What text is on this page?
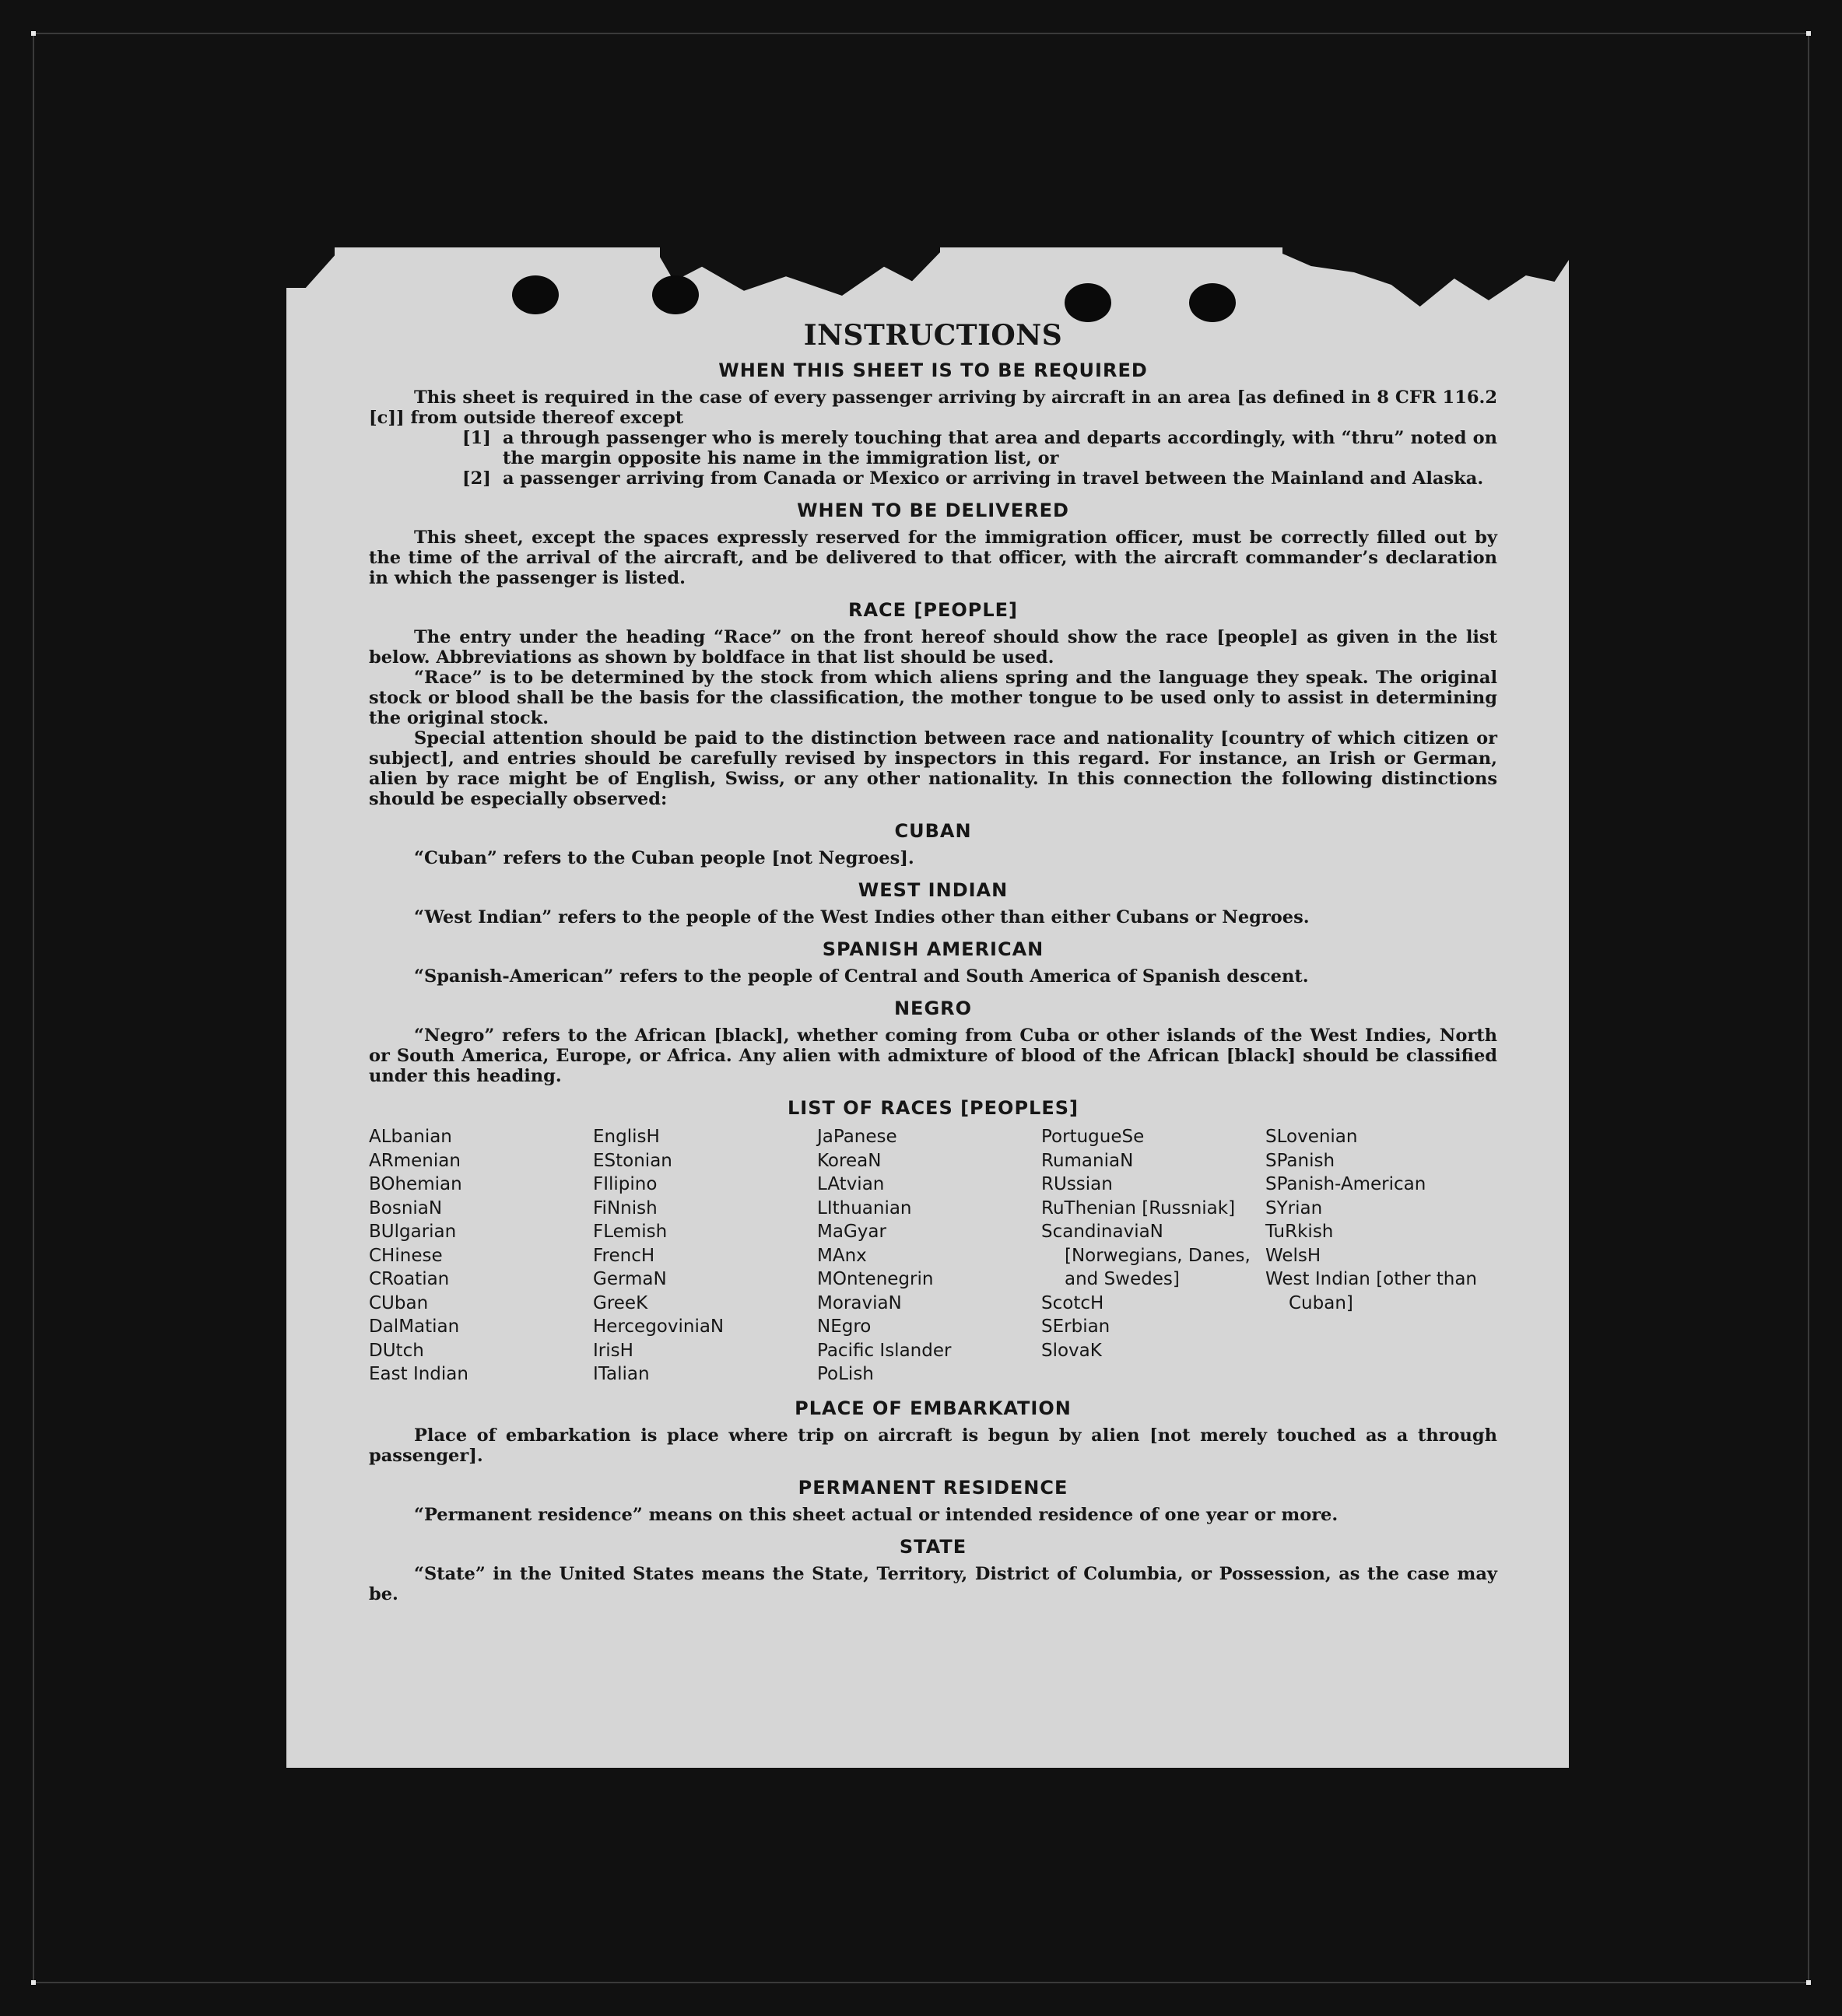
INSTRUCTIONS
WHEN THIS SHEET IS TO BE REQUIRED

This sheet is required in the case of every passenger arriving by aircraft in an area [as defined in 8 CFR 116.2 [c]] from outside thereof except

[1] a through passenger who is merely touching that area and departs accordingly, with “thru” noted on the margin opposite his name in the immigration list, or
[2] a passenger arriving from Canada or Mexico or arriving in travel between the Mainland and Alaska.
WHEN TO BE DELIVERED

This sheet, except the spaces expressly reserved for the immigration officer, must be correctly filled out by the time of the arrival of the aircraft, and be delivered to that officer, with the aircraft commander’s declaration in which the passenger is listed.

RACE [PEOPLE]

The entry under the heading “Race” on the front hereof should show the race [people] as given in the list below. Abbreviations as shown by boldface in that list should be used.

“Race” is to be determined by the stock from which aliens spring and the language they speak. The original stock or blood shall be the basis for the classification, the mother tongue to be used only to assist in determining the original stock.

Special attention should be paid to the distinction between race and nationality [country of which citizen or subject], and entries should be carefully revised by inspectors in this regard. For instance, an Irish or German, alien by race might be of English, Swiss, or any other nationality. In this connection the following distinctions should be especially observed:

CUBAN

“Cuban” refers to the Cuban people [not Negroes].

WEST INDIAN

“West Indian” refers to the people of the West Indies other than either Cubans or Negroes.

SPANISH AMERICAN

“Spanish-American” refers to the people of Central and South America of Spanish descent.

NEGRO

“Negro” refers to the African [black], whether coming from Cuba or other islands of the West Indies, North or South America, Europe, or Africa. Any alien with admixture of blood of the African [black] should be classified under this heading.

LIST OF RACES [PEOPLES]
ALbanian
ARmenian
BOhemian
BosniaN
BUlgarian
CHinese
CRoatian
CUban
DalMatian
DUtch
East Indian
EnglisH
EStonian
FIlipino
FiNnish
FLemish
FrencH
GermaN
GreeK
HercegoviniaN
IrisH
ITalian
JaPanese
KoreaN
LAtvian
LIthuanian
MaGyar
MAnx
MOntenegrin
MoraviaN
NEgro
Pacific Islander
PoLish
PortugueSe
RumaniaN
RUssian
RuThenian [Russniak]
ScandinaviaN [Norwegians, Danes, and Swedes]
ScotcH
SErbian
SlovaK
SLovenian
SPanish
SPanish-American
SYrian
TuRkish
WelsH
West Indian [other than Cuban]
PLACE OF EMBARKATION

Place of embarkation is place where trip on aircraft is begun by alien [not merely touched as a through passenger].

PERMANENT RESIDENCE

“Permanent residence” means on this sheet actual or intended residence of one year or more.

STATE

“State” in the United States means the State, Territory, District of Columbia, or Possession, as the case may be.
